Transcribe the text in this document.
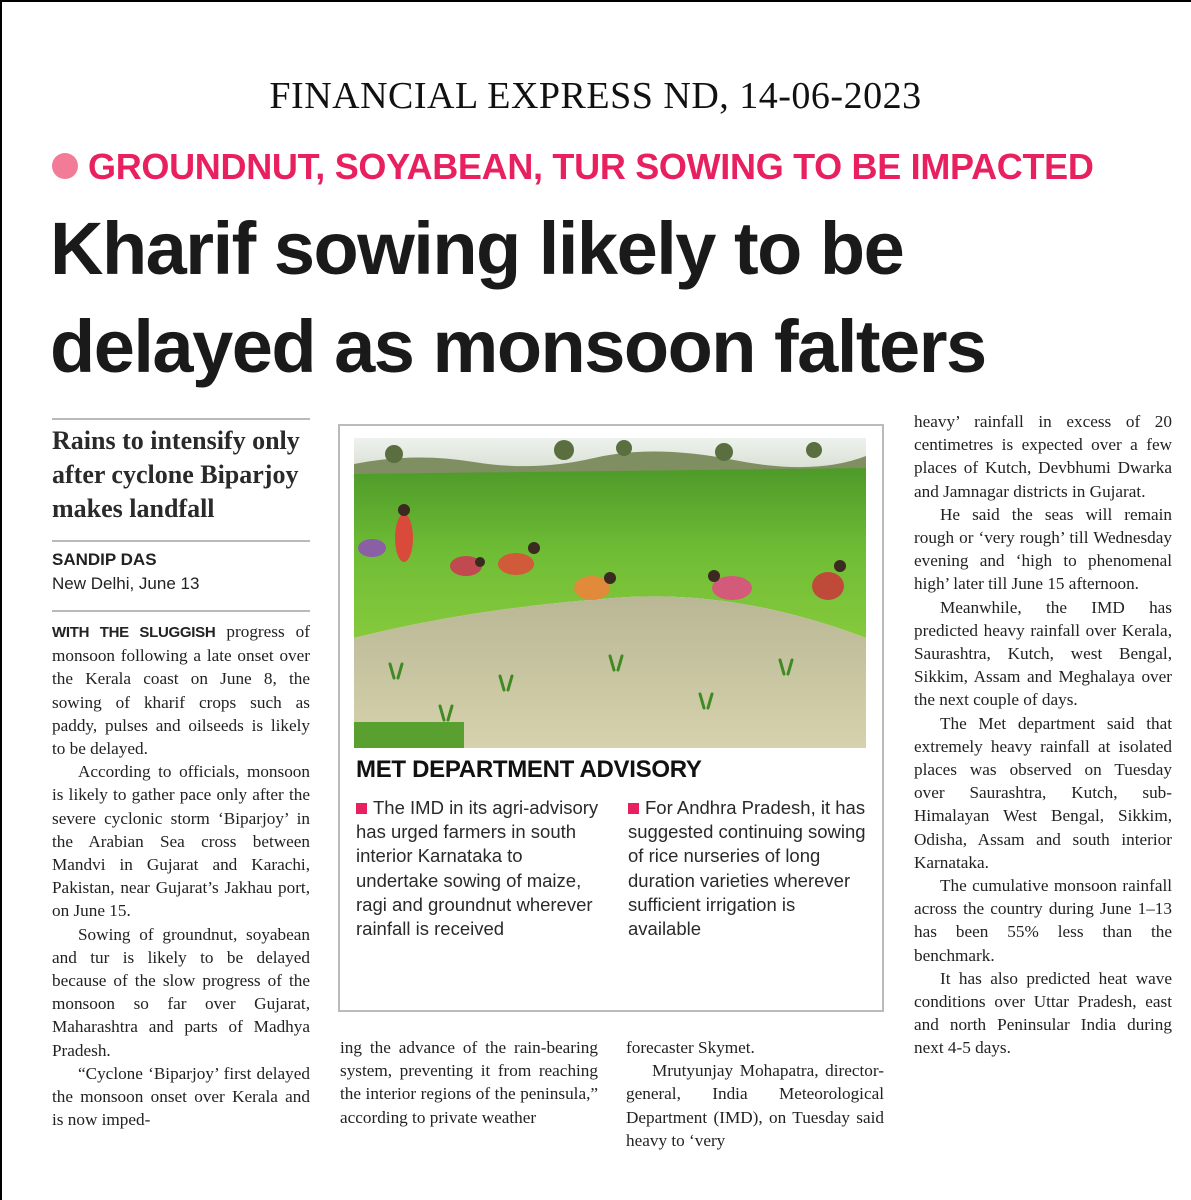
FINANCIAL EXPRESS ND, 14-06-2023
GROUNDNUT, SOYABEAN, TUR SOWING TO BE IMPACTED
Kharif sowing likely to be
delayed as monsoon falters

Rains to intensify only after cyclone Biparjoy makes landfall

SANDIP DAS
New Delhi, June 13

WITH THE SLUGGISH progress of monsoon following a late onset over the Kerala coast on June 8, the sowing of kharif crops such as paddy, pulses and oilseeds is likely to be delayed.

According to officials, monsoon is likely to gather pace only after the severe cyclonic storm ‘Biparjoy’ in the Arabian Sea cross between Mandvi in Gujarat and Karachi, Pakistan, near Gujarat’s Jakhau port, on June 15.

Sowing of groundnut, soyabean and tur is likely to be delayed because of the slow progress of the monsoon so far over Gujarat, Maharashtra and parts of Madhya Pradesh.

“Cyclone ‘Biparjoy’ first delayed the monsoon onset over Kerala and is now imped-

MET DEPARTMENT ADVISORY
The IMD in its agri-advisory has urged farmers in south interior Karnataka to undertake sowing of maize, ragi and groundnut wherever rainfall is received
For Andhra Pradesh, it has suggested continuing sowing of rice nurseries of long duration varieties wherever sufficient irrigation is available

ing the advance of the rain-bearing system, preventing it from reaching the interior regions of the peninsula,” according to private weather

forecaster Skymet.

Mrutyunjay Mohapatra, director-general, India Meteorological Department (IMD), on Tuesday said heavy to ‘very

heavy’ rainfall in excess of 20 centimetres is expected over a few places of Kutch, Devbhumi Dwarka and Jamnagar districts in Gujarat.

He said the seas will remain rough or ‘very rough’ till Wednesday evening and ‘high to phenomenal high’ later till June 15 afternoon.

Meanwhile, the IMD has predicted heavy rainfall over Kerala, Saurashtra, Kutch, west Bengal, Sikkim, Assam and Meghalaya over the next couple of days.

The Met department said that extremely heavy rainfall at isolated places was observed on Tuesday over Saurashtra, Kutch, sub-Himalayan West Bengal, Sikkim, Odisha, Assam and south interior Karnataka.

The cumulative monsoon rainfall across the country during June 1–13 has been 55% less than the benchmark.

It has also predicted heat wave conditions over Uttar Pradesh, east and north Peninsular India during next 4-5 days.
